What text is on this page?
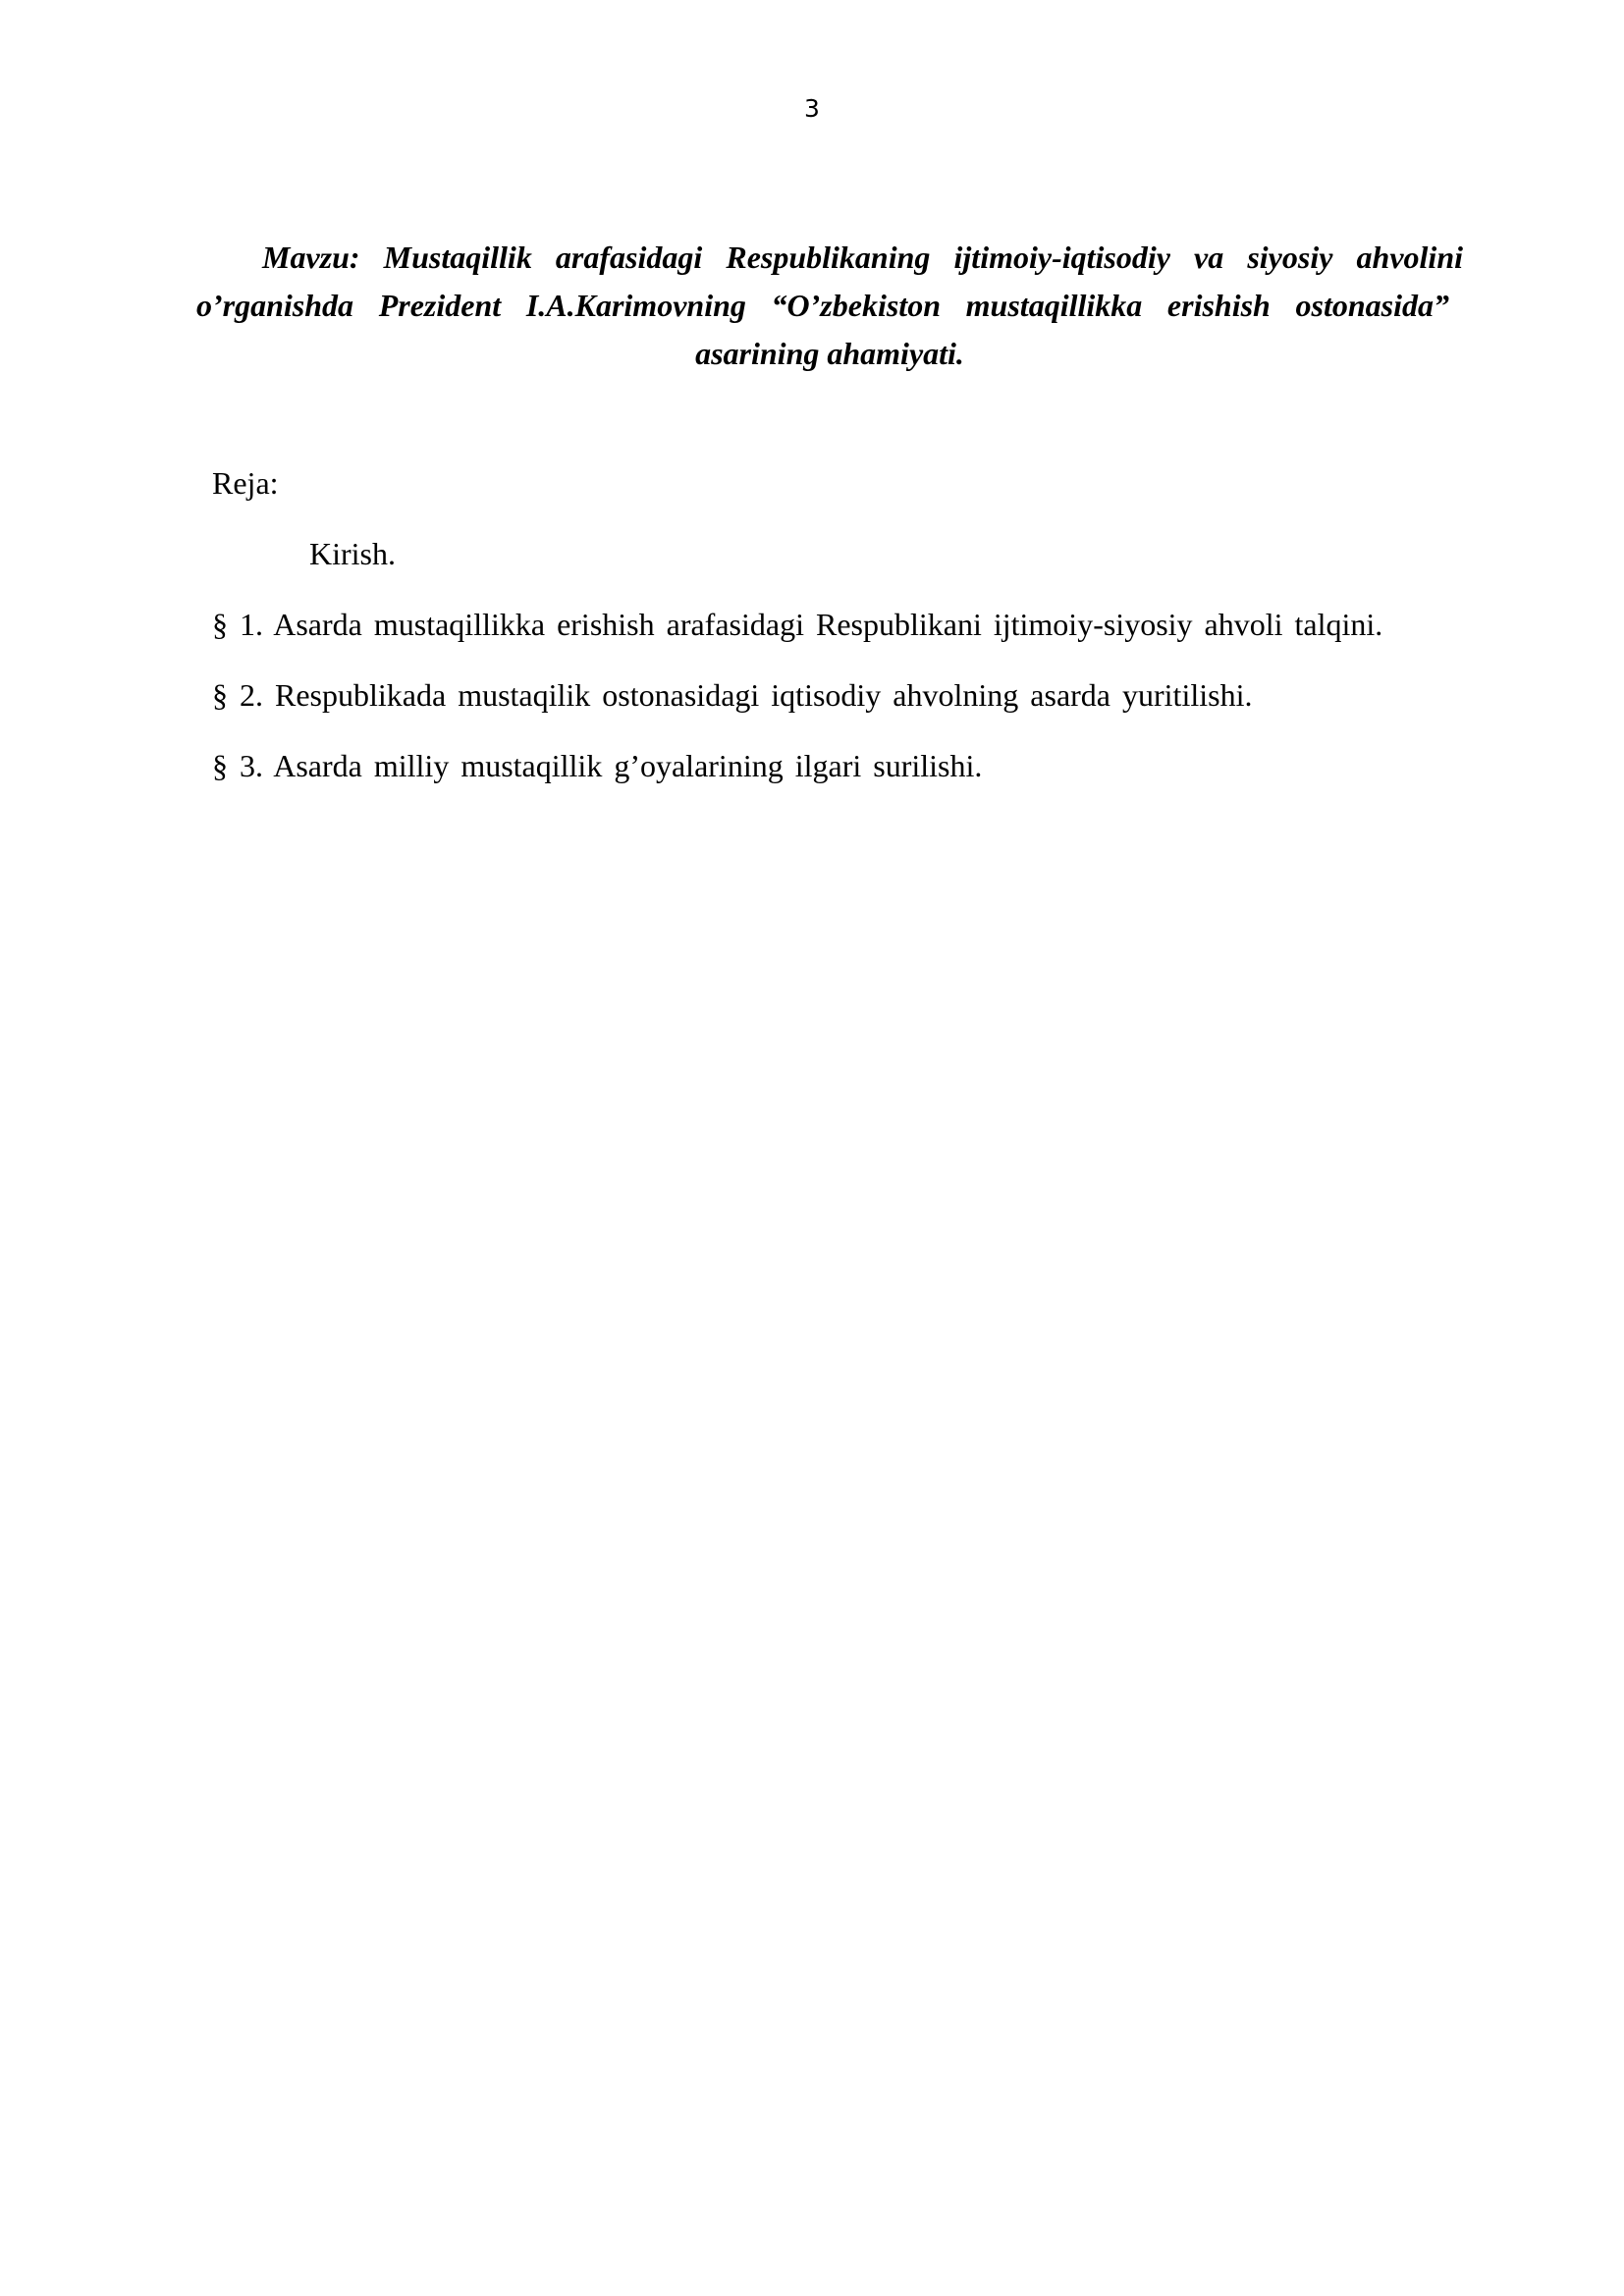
3
Mavzu: Mustaqillik arafasidagi Respublikaning ijtimoiy-iqtisodiy va siyosiy ahvolini
o’rganishda Prezident I.A.Karimovning “O’zbekiston mustaqillikka erishish ostonasida”
asarining ahamiyati.

Reja:

Kirish.

§ 1. Asarda mustaqillikka erishish arafasidagi Respublikani ijtimoiy-siyosiy ahvoli talqini.

§ 2. Respublikada mustaqilik ostonasidagi iqtisodiy ahvolning asarda yuritilishi.

§ 3. Asarda milliy mustaqillik g’oyalarining ilgari surilishi.
